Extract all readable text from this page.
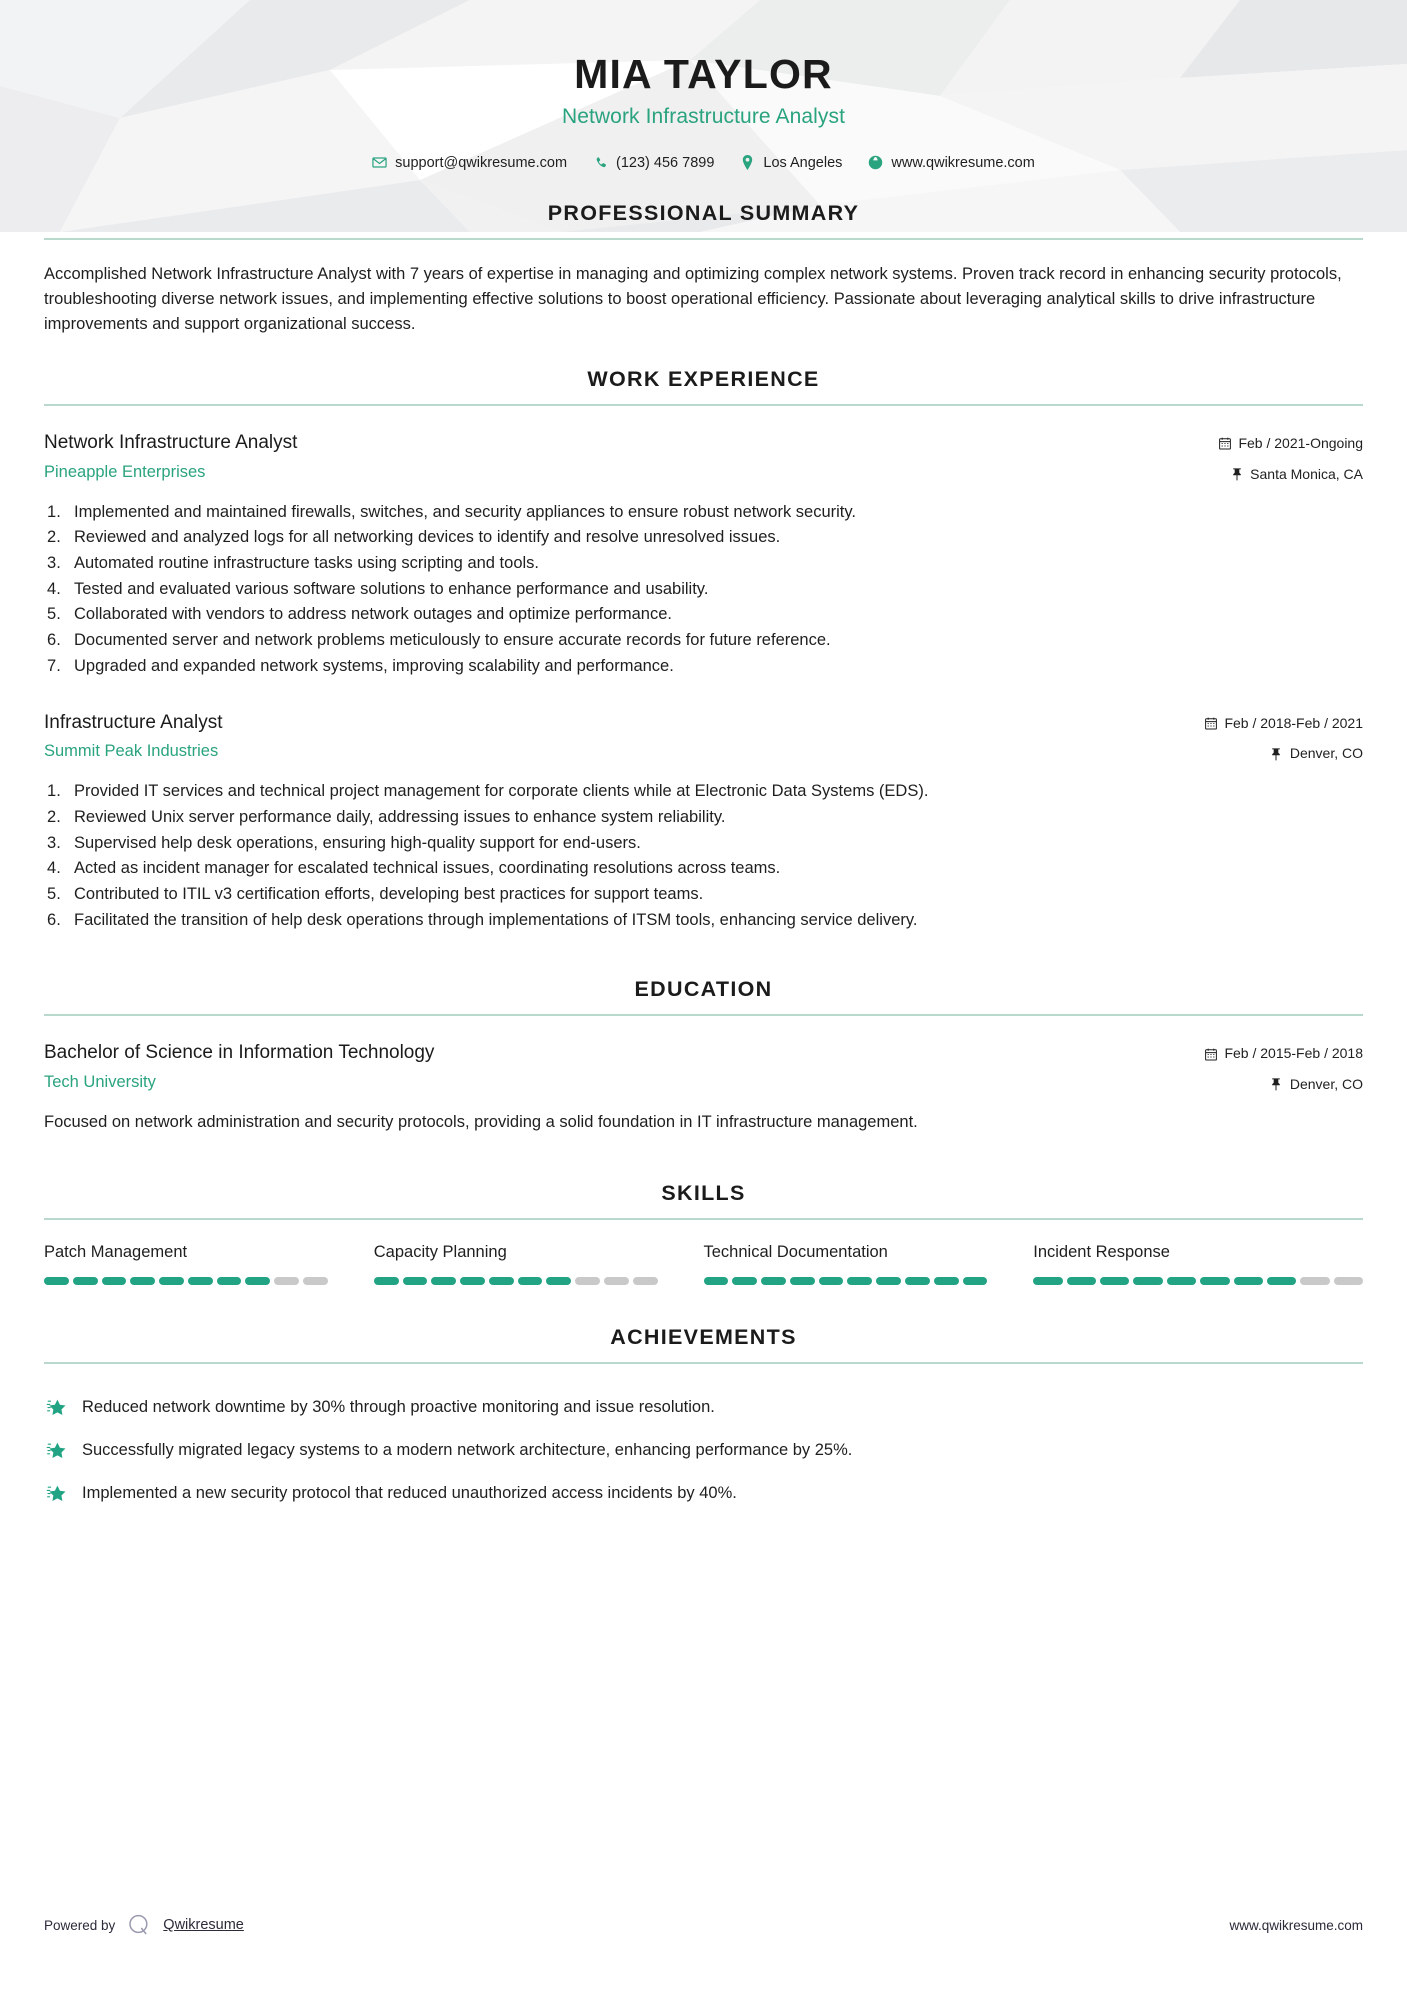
MIA TAYLOR
Network Infrastructure Analyst
support@qwikresume.com	(123) 456 7899	Los Angeles	www.qwikresume.com
PROFESSIONAL SUMMARY
Accomplished Network Infrastructure Analyst with 7 years of expertise in managing and optimizing complex network systems. Proven track record in enhancing security protocols, troubleshooting diverse network issues, and implementing effective solutions to boost operational efficiency. Passionate about leveraging analytical skills to drive infrastructure improvements and support organizational success.
WORK EXPERIENCE
Network Infrastructure Analyst
Pineapple Enterprises
Feb / 2021-Ongoing
Santa Monica, CA
Implemented and maintained firewalls, switches, and security appliances to ensure robust network security.
Reviewed and analyzed logs for all networking devices to identify and resolve unresolved issues.
Automated routine infrastructure tasks using scripting and tools.
Tested and evaluated various software solutions to enhance performance and usability.
Collaborated with vendors to address network outages and optimize performance.
Documented server and network problems meticulously to ensure accurate records for future reference.
Upgraded and expanded network systems, improving scalability and performance.
Infrastructure Analyst
Summit Peak Industries
Feb / 2018-Feb / 2021
Denver, CO
Provided IT services and technical project management for corporate clients while at Electronic Data Systems (EDS).
Reviewed Unix server performance daily, addressing issues to enhance system reliability.
Supervised help desk operations, ensuring high-quality support for end-users.
Acted as incident manager for escalated technical issues, coordinating resolutions across teams.
Contributed to ITIL v3 certification efforts, developing best practices for support teams.
Facilitated the transition of help desk operations through implementations of ITSM tools, enhancing service delivery.
EDUCATION
Bachelor of Science in Information Technology
Tech University
Feb / 2015-Feb / 2018
Denver, CO
Focused on network administration and security protocols, providing a solid foundation in IT infrastructure management.
SKILLS
Patch Management	Capacity Planning	Technical Documentation	Incident Response
ACHIEVEMENTS
Reduced network downtime by 30% through proactive monitoring and issue resolution.
Successfully migrated legacy systems to a modern network architecture, enhancing performance by 25%.
Implemented a new security protocol that reduced unauthorized access incidents by 40%.
Powered by	Qwikresume	www.qwikresume.com
